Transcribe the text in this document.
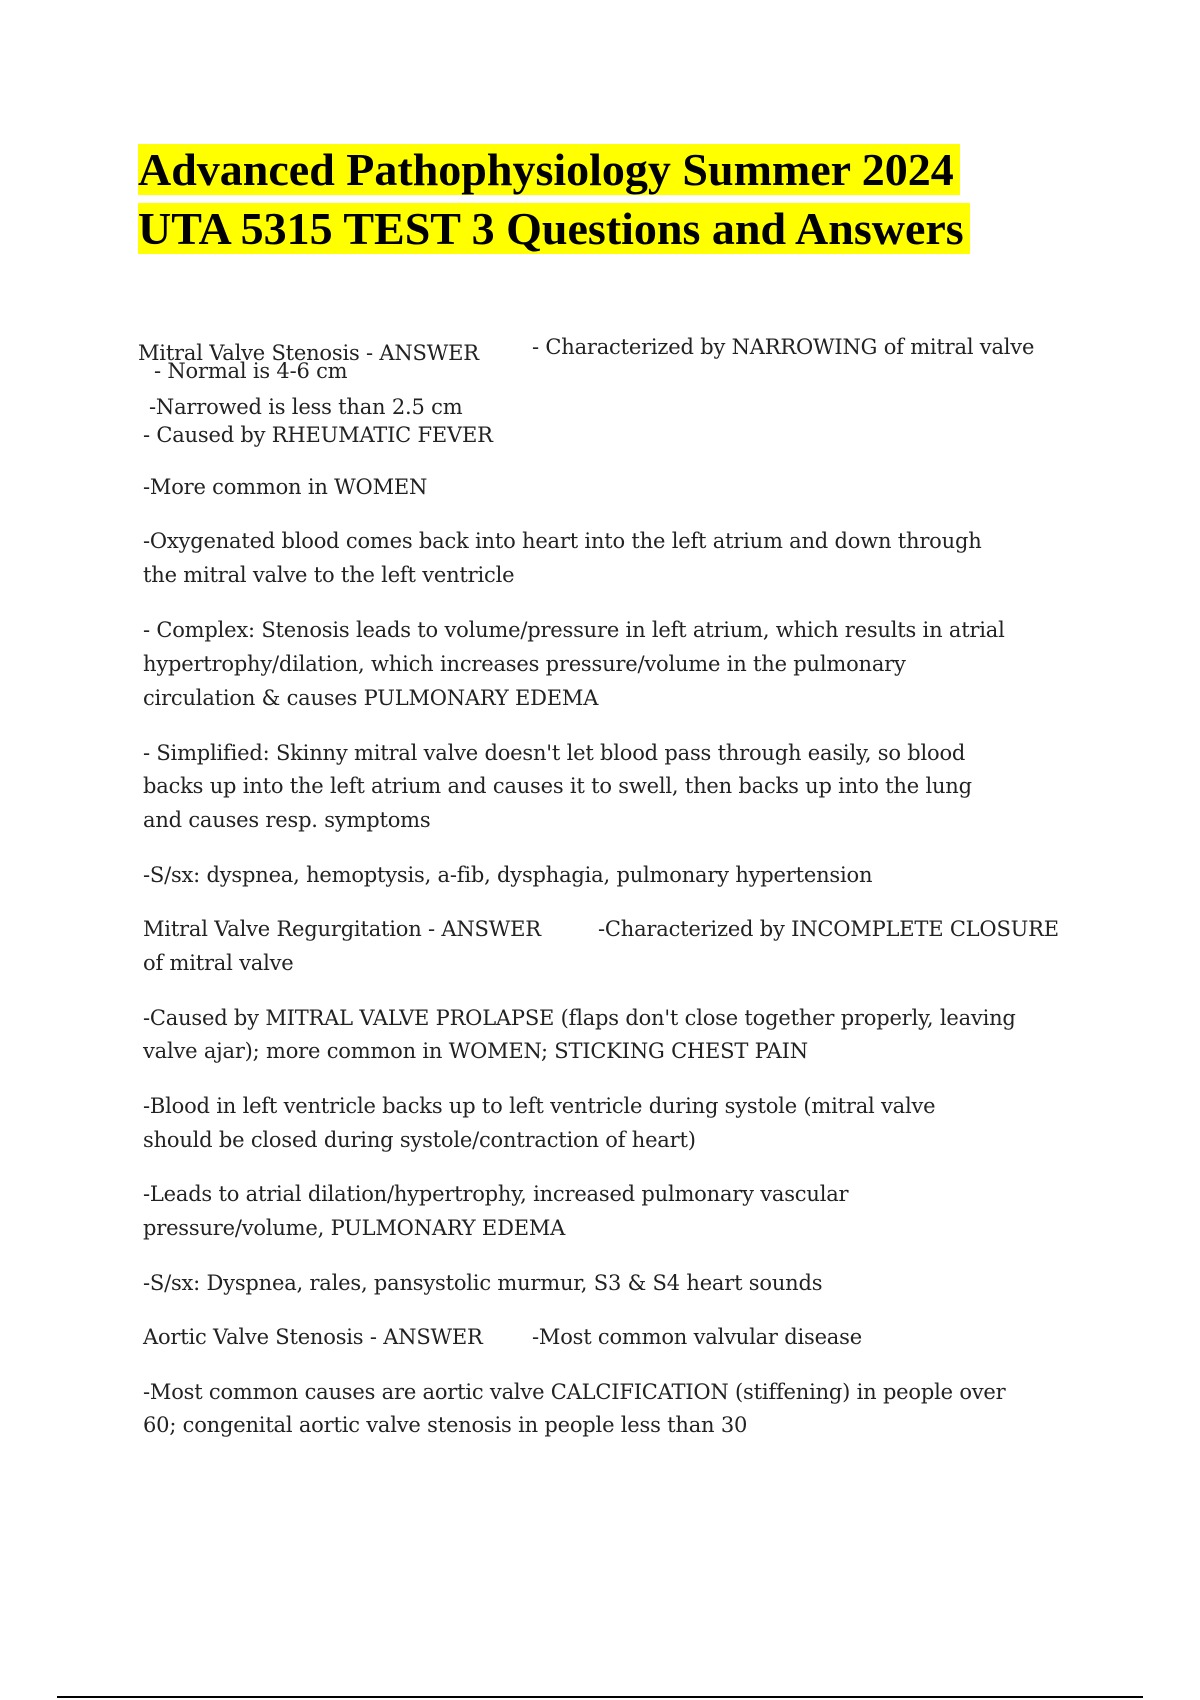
Advanced Pathophysiology Summer 2024
UTA 5315 TEST 3 Questions and Answers

Mitral Valve Stenosis - ANSWER	- Characterized by NARROWING of mitral valve

- Normal is 4-6 cm

-Narrowed is less than 2.5 cm

- Caused by RHEUMATIC FEVER

-More common in WOMEN

-Oxygenated blood comes back into heart into the left atrium and down through

the mitral valve to the left ventricle

- Complex: Stenosis leads to volume/pressure in left atrium, which results in atrial

hypertrophy/dilation, which increases pressure/volume in the pulmonary

circulation & causes PULMONARY EDEMA

- Simplified: Skinny mitral valve doesn't let blood pass through easily, so blood

backs up into the left atrium and causes it to swell, then backs up into the lung

and causes resp. symptoms

-S/sx: dyspnea, hemoptysis, a-fib, dysphagia, pulmonary hypertension

Mitral Valve Regurgitation - ANSWER	-Characterized by INCOMPLETE CLOSURE

of mitral valve

-Caused by MITRAL VALVE PROLAPSE (flaps don't close together properly, leaving

valve ajar); more common in WOMEN; STICKING CHEST PAIN

-Blood in left ventricle backs up to left ventricle during systole (mitral valve

should be closed during systole/contraction of heart)

-Leads to atrial dilation/hypertrophy, increased pulmonary vascular

pressure/volume, PULMONARY EDEMA

-S/sx: Dyspnea, rales, pansystolic murmur, S3 & S4 heart sounds

Aortic Valve Stenosis - ANSWER -Most common valvular disease

-Most common causes are aortic valve CALCIFICATION (stiffening) in people over

60; congenital aortic valve stenosis in people less than 30
